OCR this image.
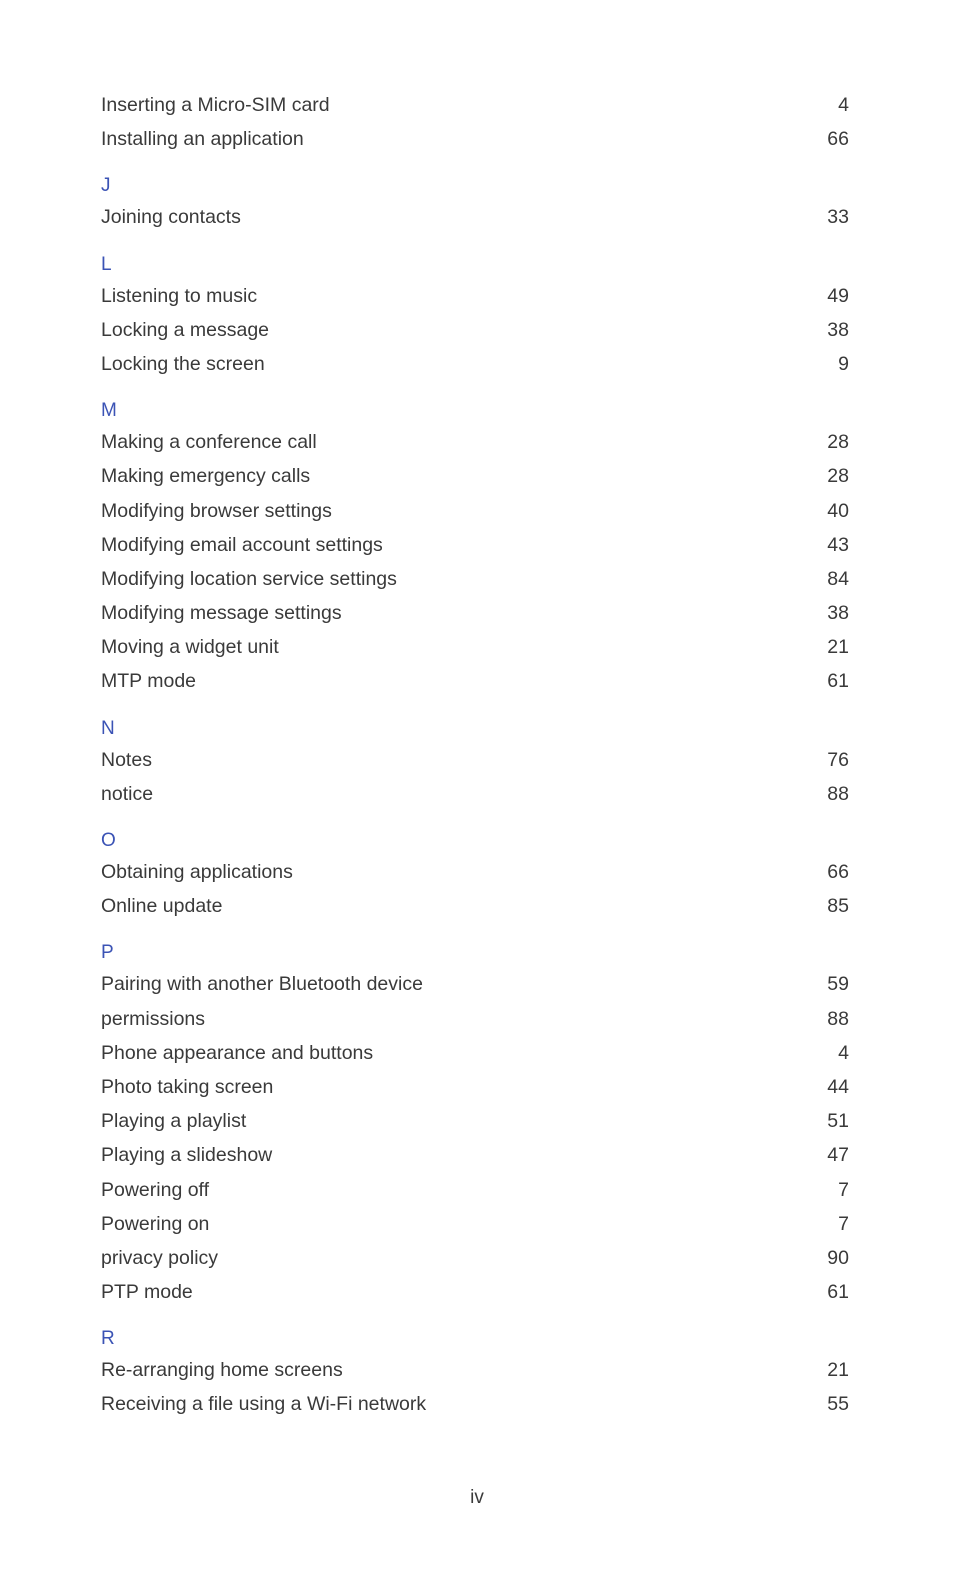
Inserting a Micro-SIM card	4
Installing an application	66
J
Joining contacts	33
L
Listening to music	49
Locking a message	38
Locking the screen	9
M
Making a conference call	28
Making emergency calls	28
Modifying browser settings	40
Modifying email account settings	43
Modifying location service settings	84
Modifying message settings	38
Moving a widget unit	21
MTP mode	61
N
Notes	76
notice	88
O
Obtaining applications	66
Online update	85
P
Pairing with another Bluetooth device	59
permissions	88
Phone appearance and buttons	4
Photo taking screen	44
Playing a playlist	51
Playing a slideshow	47
Powering off	7
Powering on	7
privacy policy	90
PTP mode	61
R
Re-arranging home screens	21
Receiving a file using a Wi-Fi network	55
iv
